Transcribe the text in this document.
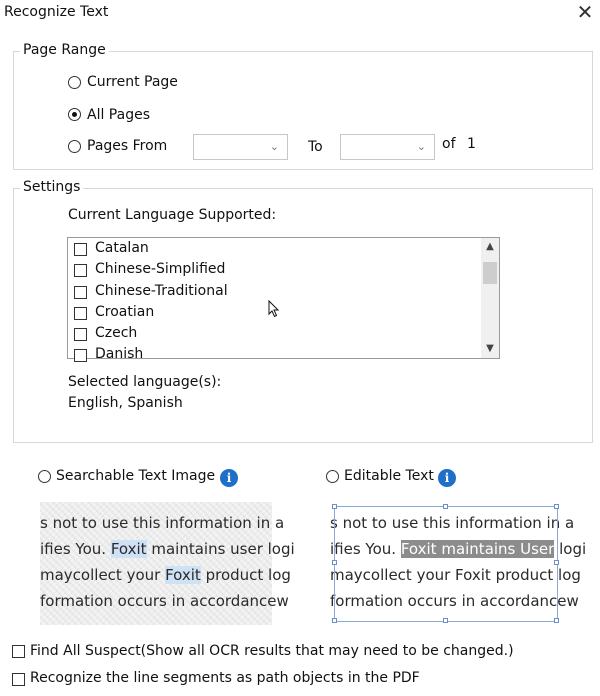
Recognize Text	✕
Page Range
Current Page
All Pages
Pages From	⌄ To	⌄ of 1
Settings
Current Language Supported:
Catalan
Chinese-Simplified
Chinese-Traditional
Croatian
Czech
Danish
▲
▼
Selected language(s):
English, Spanish
Searchable Text Image i	Editable Text i
s not to use this information in a
ifies You. Foxit maintains user logi
maycollect your Foxit product log
formation occurs in accordancew
s not to use this information in a
ifies You. Foxit maintains User logi
maycollect your Foxit product log
formation occurs in accordancew
Find All Suspect(Show all OCR results that may need to be changed.)
Recognize the line segments as path objects in the PDF
